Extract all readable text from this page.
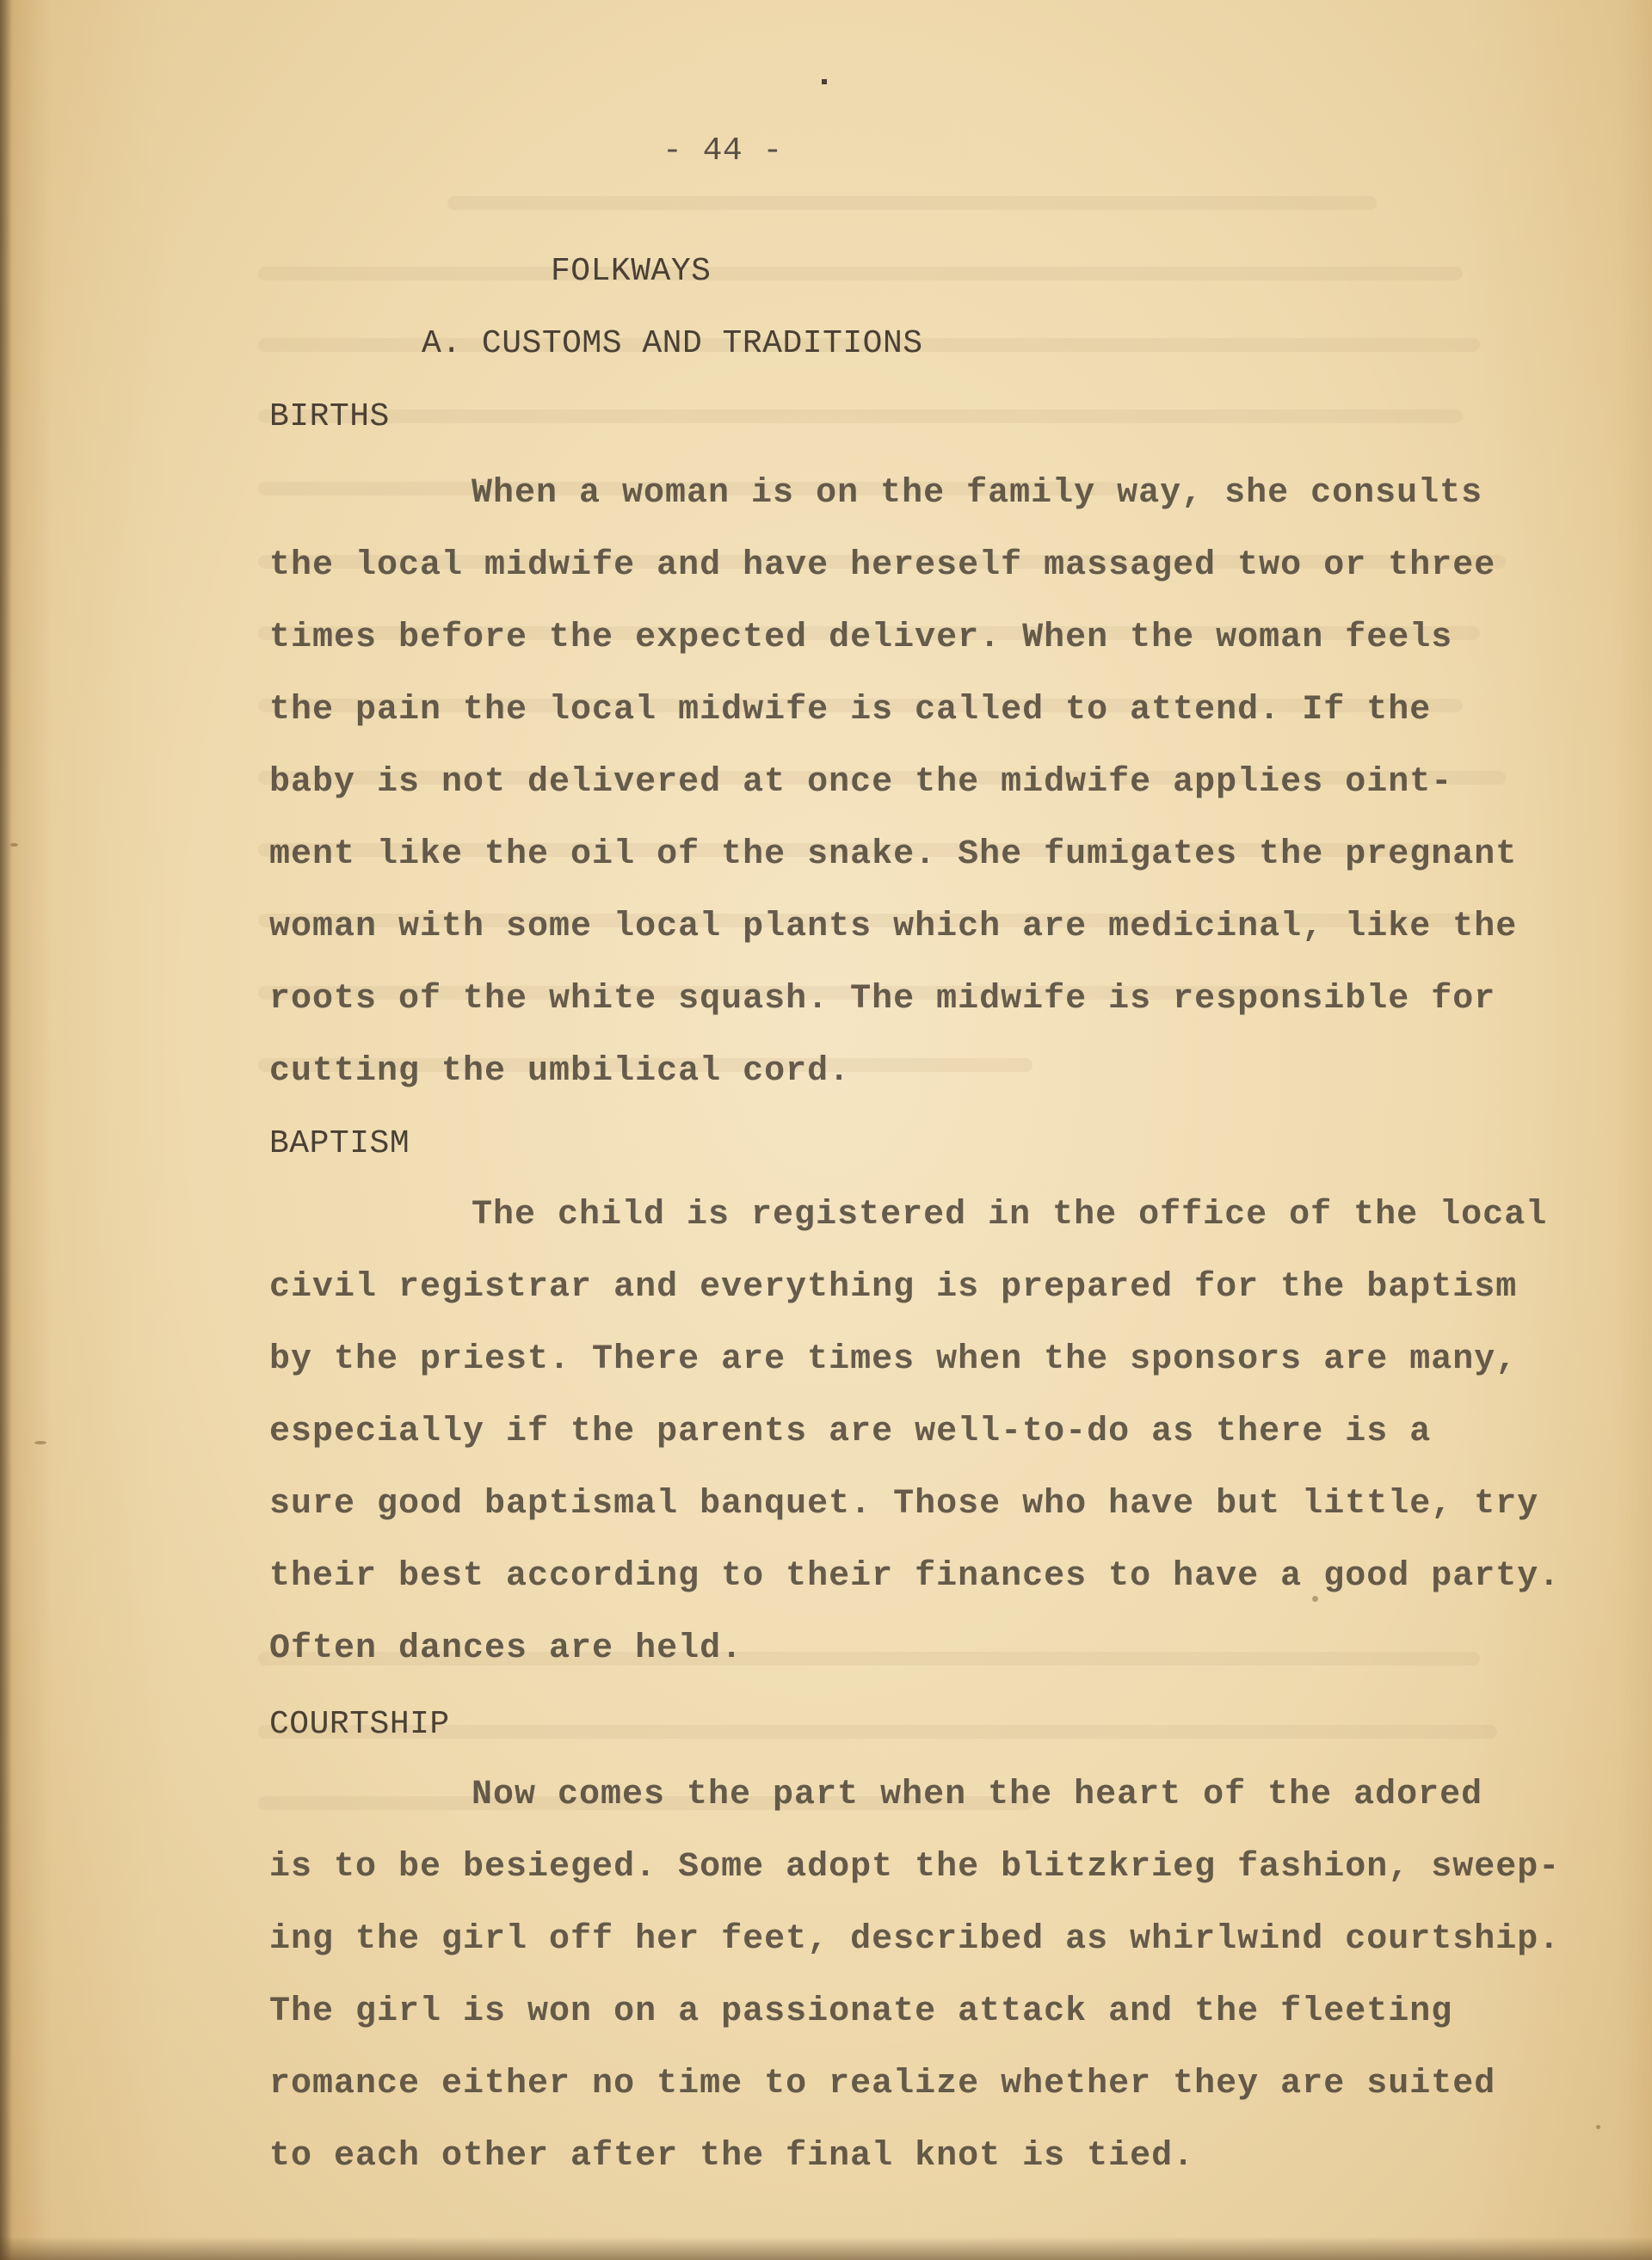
- 44 -
FOLKWAYS
A. CUSTOMS AND TRADITIONS
BIRTHS
When a woman is on the family way, she consults
the local midwife and have hereself massaged two or three
times before the expected deliver. When the woman feels
the pain the local midwife is called to attend. If the
baby is not delivered at once the midwife applies oint-
ment like the oil of the snake. She fumigates the pregnant
woman with some local plants which are medicinal, like the
roots of the white squash. The midwife is responsible for
cutting the umbilical cord.
BAPTISM
The child is registered in the office of the local
civil registrar and everything is prepared for the baptism
by the priest. There are times when the sponsors are many,
especially if the parents are well-to-do as there is a
sure good baptismal banquet. Those who have but little, try
their best according to their finances to have a good party.
Often dances are held.
COURTSHIP
Now comes the part when the heart of the adored
is to be besieged. Some adopt the blitzkrieg fashion, sweep-
ing the girl off her feet, described as whirlwind courtship.
The girl is won on a passionate attack and the fleeting
romance either no time to realize whether they are suited
to each other after the final knot is tied.
